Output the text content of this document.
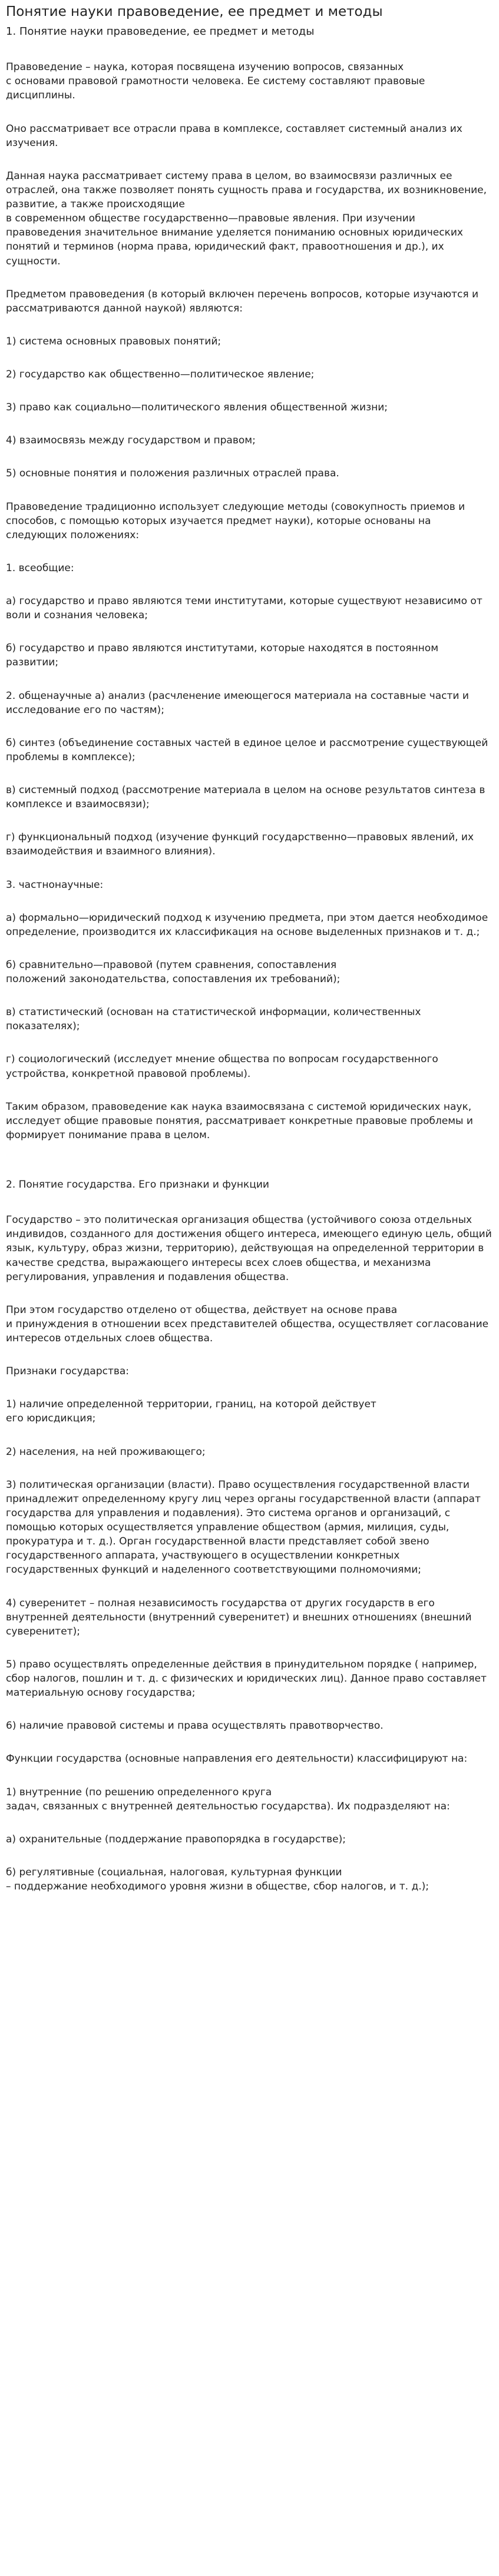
Понятие науки правоведение, ее предмет и методы
1. Понятие науки правоведение, ее предмет и методы

Правоведение – наука, которая посвящена изучению вопросов, связанных
с основами правовой грамотности человека. Ее систему составляют правовые дисциплины.

Оно рассматривает все отрасли права в комплексе, составляет системный анализ их изучения.

Данная наука рассматривает систему права в целом, во взаимосвязи различных ее отраслей, она также позволяет понять сущность права и государства, их возникновение, развитие, а также происходящие
в современном обществе государственно—правовые явления. При изучении правоведения значительное внимание уделяется пониманию основных юридических понятий и терминов (норма права, юридический факт, правоотношения и др.), их сущности.

Предметом правоведения (в который включен перечень вопросов, которые изучаются и рассматриваются данной наукой) являются:

1) система основных правовых понятий;

2) государство как общественно—политическое явление;

3) право как социально—политического явления общественной жизни;

4) взаимосвязь между государством и правом;

5) основные понятия и положения различных отраслей права.

Правоведение традиционно использует следующие методы (совокупность приемов и способов, с помощью которых изучается предмет науки), которые основаны на следующих положениях:

1. всеобщие:

а) государство и право являются теми институтами, которые существуют независимо от воли и сознания человека;

б) государство и право являются институтами, которые находятся в постоянном развитии;

2. общенаучные а) анализ (расчленение имеющегося материала на составные части и исследование его по частям);

б) синтез (объединение составных частей в единое целое и рассмотрение существующей проблемы в комплексе);

в) системный подход (рассмотрение материала в целом на основе результатов синтеза в комплексе и взаимосвязи);

г) функциональный подход (изучение функций государственно—правовых явлений, их взаимодействия и взаимного влияния).

3. частнонаучные:

а) формально—юридический подход к изучению предмета, при этом дается необходимое определение, производится их классификация на основе выделенных признаков и т. д.;

б) сравнительно—правовой (путем сравнения, сопоставления
положений законодательства, сопоставления их требований);

в) статистический (основан на статистической информации, количественных показателях);

г) социологический (исследует мнение общества по вопросам государственного устройства, конкретной правовой проблемы).

Таким образом, правоведение как наука взаимосвязана с системой юридических наук, исследует общие правовые понятия, рассматривает конкретные правовые проблемы и формирует понимание права в целом.

2. Понятие государства. Его признаки и функции

Государство – это политическая организация общества (устойчивого союза отдельных индивидов, созданного для достижения общего интереса, имеющего единую цель, общий язык, культуру, образ жизни, территорию), действующая на определенной территории в качестве средства, выражающего интересы всех слоев общества, и механизма регулирования, управления и подавления общества.

При этом государство отделено от общества, действует на основе права
и принуждения в отношении всех представителей общества, осуществляет согласование интересов отдельных слоев общества.

Признаки государства:

1) наличие определенной территории, границ, на которой действует
его юрисдикция;

2) населения, на ней проживающего;

3) политическая организации (власти). Право осуществления государственной власти принадлежит определенному кругу лиц через органы государственной власти (аппарат государства для управления и подавления). Это система органов и организаций, с помощью которых осуществляется управление обществом (армия, милиция, суды, прокуратура и т. д.). Орган государственной власти представляет собой звено государственного аппарата, участвующего в осуществлении конкретных государственных функций и наделенного соответствующими полномочиями;

4) суверенитет – полная независимость государства от других государств в его внутренней деятельности (внутренний суверенитет) и внешних отношениях (внешний суверенитет);

5) право осуществлять определенные действия в принудительном порядке ( например, сбор налогов, пошлин и т. д. с физических и юридических лиц). Данное право составляет материальную основу государства;

6) наличие правовой системы и права осуществлять правотворчество.

Функции государства (основные направления его деятельности) классифицируют на:

1) внутренние (по решению определенного круга
задач, связанных с внутренней деятельностью государства). Их подразделяют на:

а) охранительные (поддержание правопорядка в государстве);

б) регулятивные (социальная, налоговая, культурная функции
– поддержание необходимого уровня жизни в обществе, сбор налогов, и т. д.);
